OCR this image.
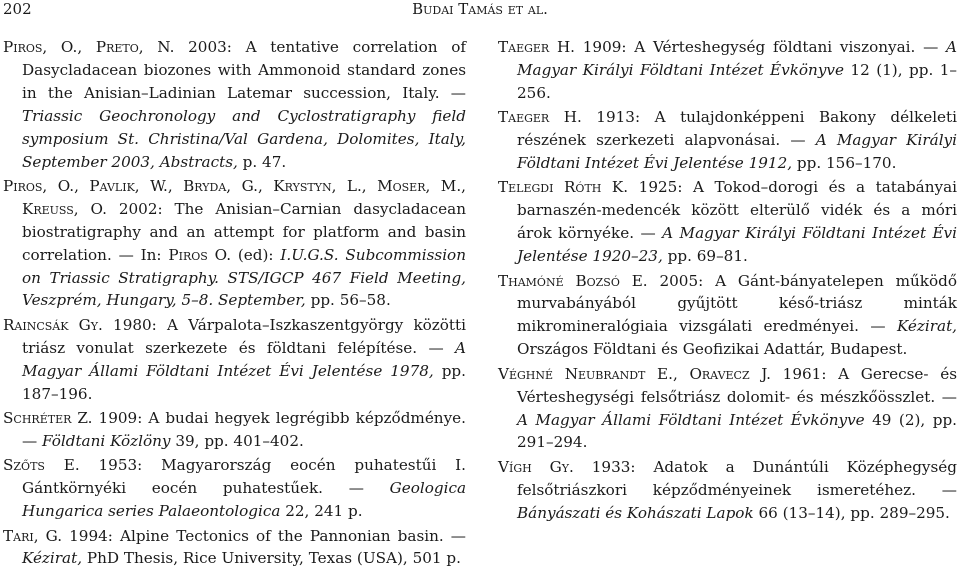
202	Budai Tamás et al.

Piros, O., Preto, N. 2003: A tentative correlation of Dasycladacean biozones with Ammonoid standard zones in the Anisian–Ladinian Latemar succession, Italy. — Triassic Geochronology and Cyclostratigraphy field symposium St. Christina/Val Gardena, Dolomites, Italy, September 2003, Abstracts, p. 47.

Piros, O., Pavlik, W., Bryda, G., Krystyn, L., Moser, M., Kreuss, O. 2002: The Anisian–Carnian dasycladacean biostratigraphy and an attempt for platform and basin correlation. — In: Piros O. (ed): I.U.G.S. Subcommission on Triassic Stratigraphy. STS/IGCP 467 Field Meeting, Veszprém, Hungary, 5–8. September, pp. 56–58.

Raincsák Gy. 1980: A Várpalota–Iszkaszentgyörgy közötti triász vonulat szerkezete és földtani felépítése. — A Magyar Állami Földtani Intézet Évi Jelentése 1978, pp. 187–196.

Schréter Z. 1909: A budai hegyek legrégibb képződménye. — Földtani Közlöny 39, pp. 401–402.

Szőts E. 1953: Magyarország eocén puhatestűi I. Gántkörnyéki eocén puhatestűek. — Geologica Hungarica series Palaeontologica 22, 241 p.

Tari, G. 1994: Alpine Tectonics of the Pannonian basin. — Kézirat, PhD Thesis, Rice University, Texas (USA), 501 p.

Taeger H. 1909: A Vérteshegység földtani viszonyai. — A Magyar Királyi Földtani Intézet Évkönyve 12 (1), pp. 1–256.

Taeger H. 1913: A tulajdonképpeni Bakony délkeleti részének szerkezeti alapvonásai. — A Magyar Királyi Földtani Intézet Évi Jelentése 1912, pp. 156–170.

Telegdi Róth K. 1925: A Tokod–dorogi és a tatabányai barnaszén-medencék között elterülő vidék és a móri árok környéke. — A Magyar Királyi Földtani Intézet Évi Jelentése 1920–23, pp. 69–81.

Thamóné Bozsó E. 2005: A Gánt-bányatelepen működő murvabányából gyűjtött késő-triász minták mikromineralógiaia vizsgálati eredményei. — Kézirat, Országos Földtani és Geofizikai Adattár, Budapest.

Véghné Neubrandt E., Oravecz J. 1961: A Gerecse- és Vérteshegységi felsőtriász dolomit- és mészkőösszlet. — A Magyar Állami Földtani Intézet Évkönyve 49 (2), pp. 291–294.

Vígh Gy. 1933: Adatok a Dunántúli Középhegység felsőtriászkori képződményeinek ismeretéhez. — Bányászati és Kohászati Lapok 66 (13–14), pp. 289–295.
